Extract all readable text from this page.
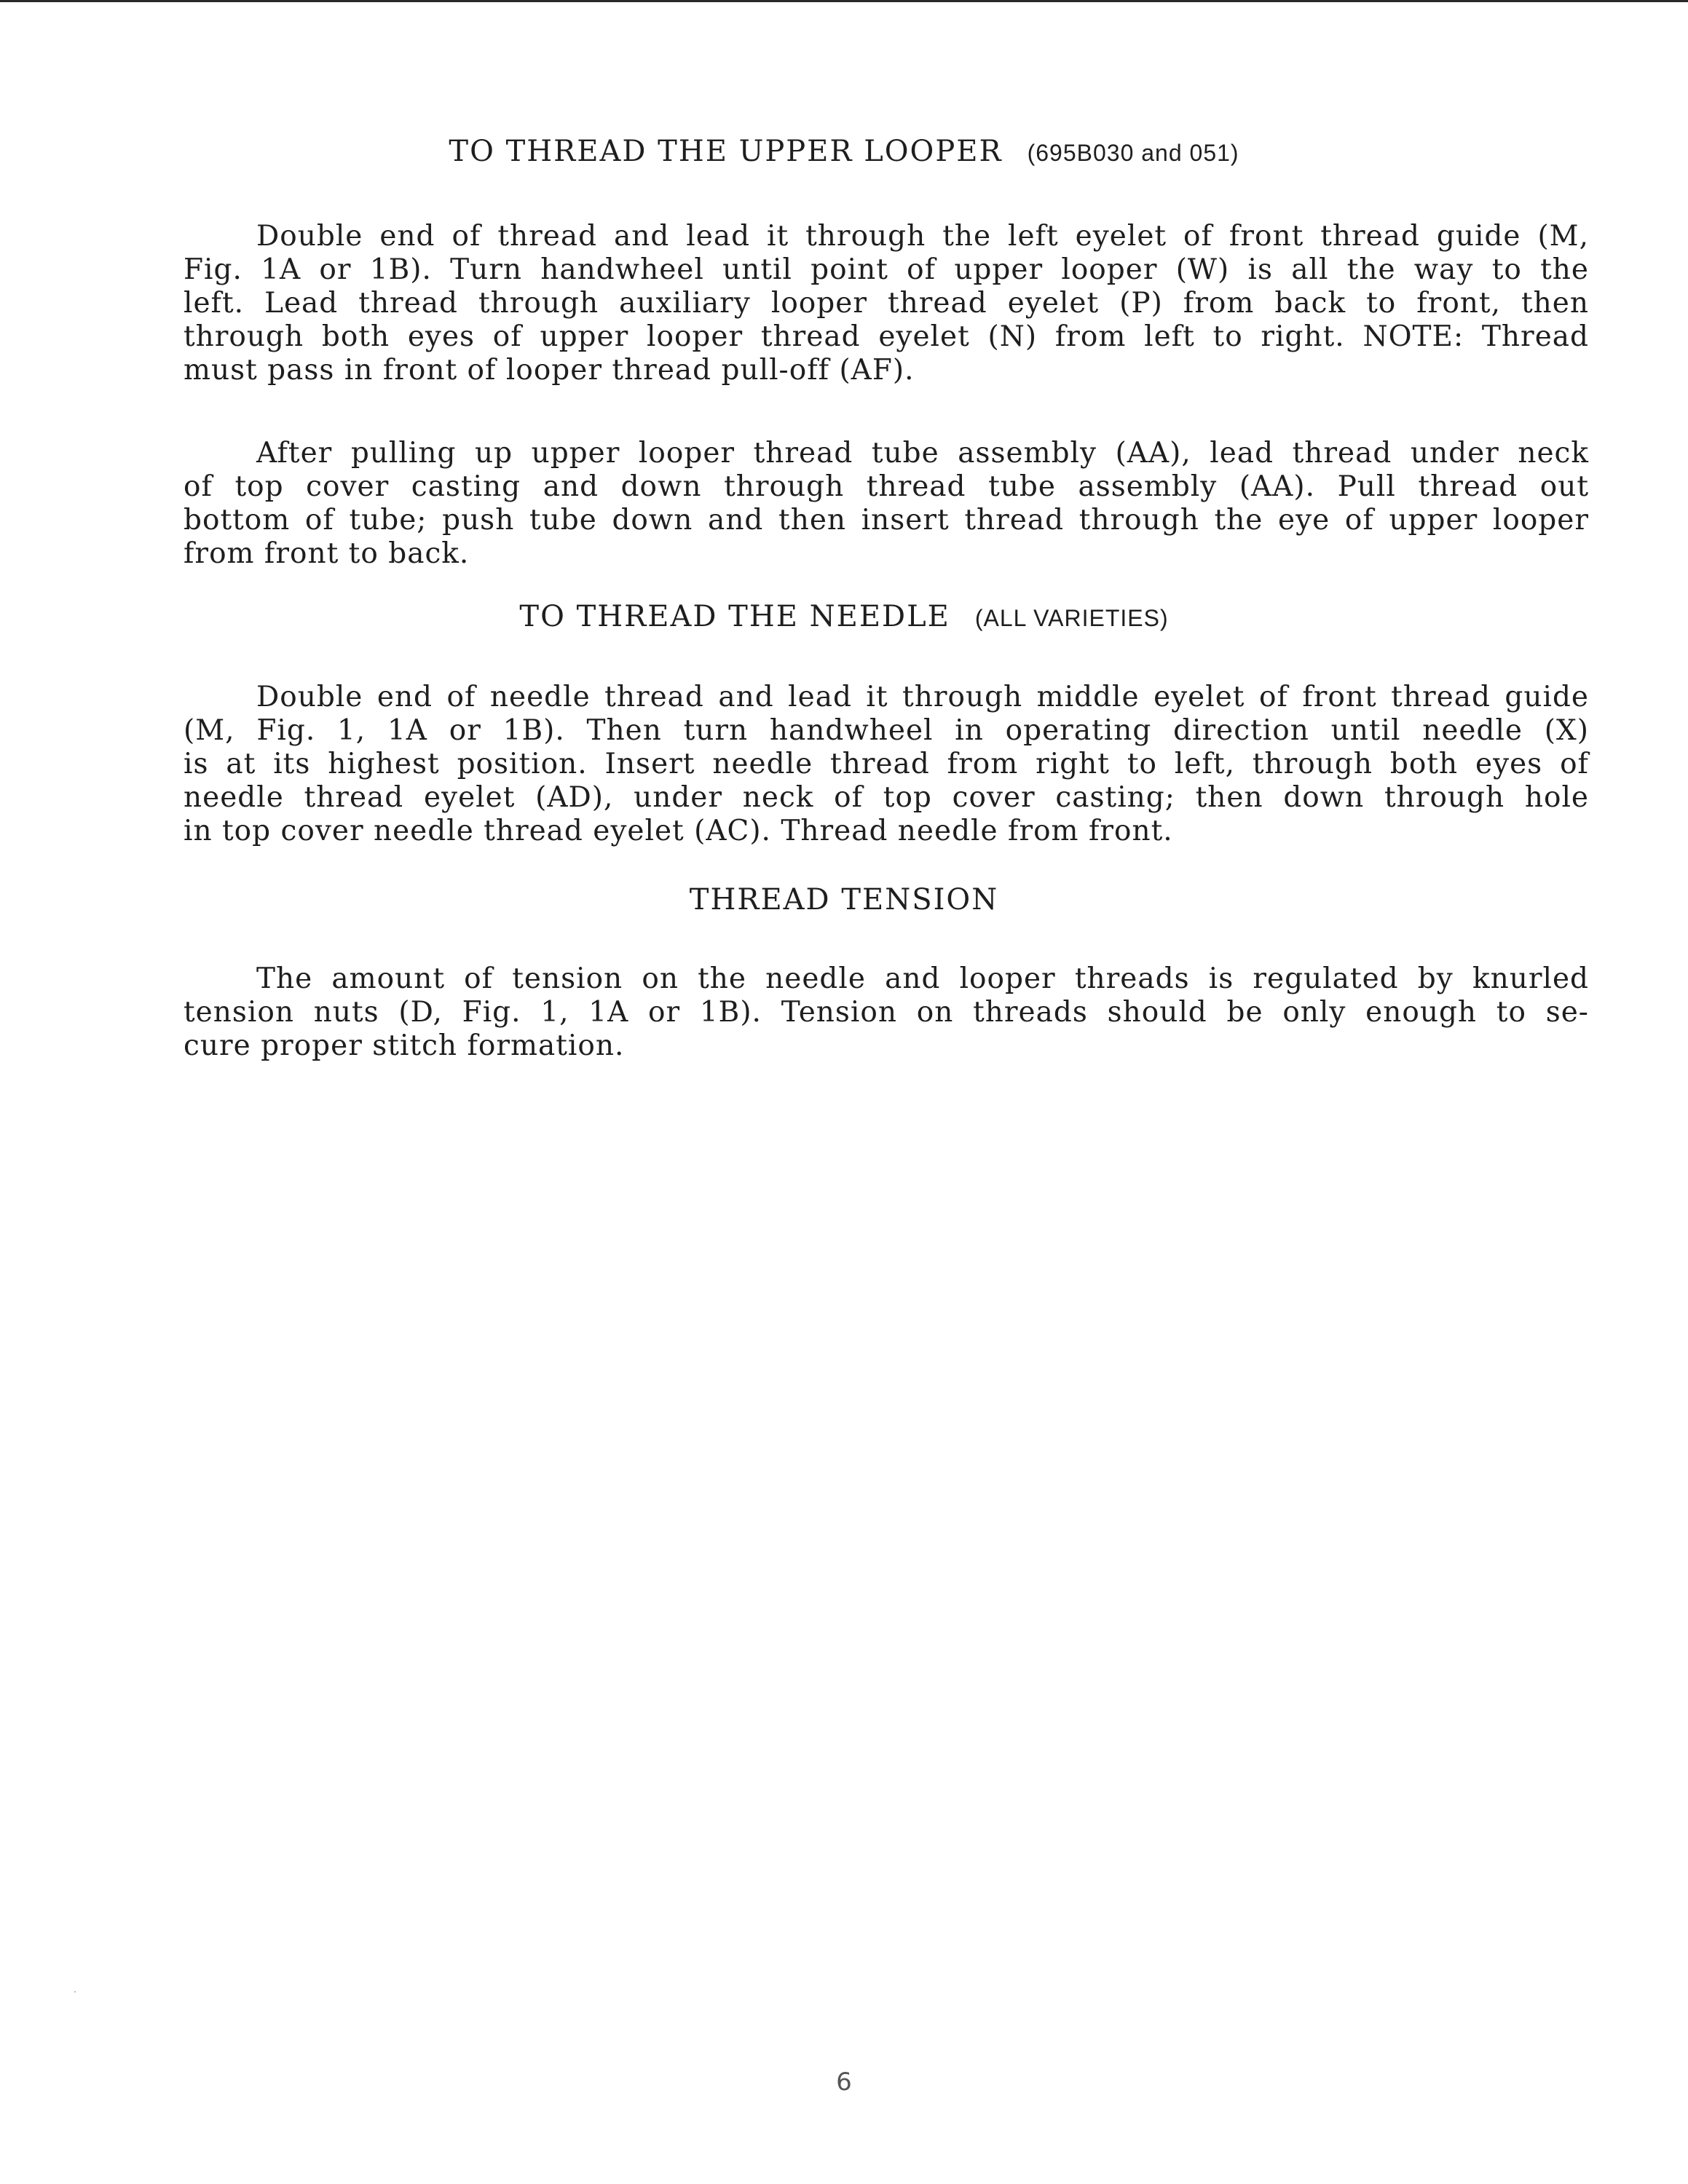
TO THREAD THE UPPER LOOPER (695B030 and 051)
Double end of thread and lead it through the left eyelet of front thread guide (M,
Fig. 1A or 1B). Turn handwheel until point of upper looper (W) is all the way to the
left. Lead thread through auxiliary looper thread eyelet (P) from back to front, then
through both eyes of upper looper thread eyelet (N) from left to right. NOTE: Thread
must pass in front of looper thread pull-off (AF).
After pulling up upper looper thread tube assembly (AA), lead thread under neck
of top cover casting and down through thread tube assembly (AA). Pull thread out
bottom of tube; push tube down and then insert thread through the eye of upper looper
from front to back.
TO THREAD THE NEEDLE (ALL VARIETIES)
Double end of needle thread and lead it through middle eyelet of front thread guide
(M, Fig. 1, 1A or 1B). Then turn handwheel in operating direction until needle (X)
is at its highest position. Insert needle thread from right to left, through both eyes of
needle thread eyelet (AD), under neck of top cover casting; then down through hole
in top cover needle thread eyelet (AC). Thread needle from front.
THREAD TENSION
The amount of tension on the needle and looper threads is regulated by knurled
tension nuts (D, Fig. 1, 1A or 1B). Tension on threads should be only enough to se-
cure proper stitch formation.
6
